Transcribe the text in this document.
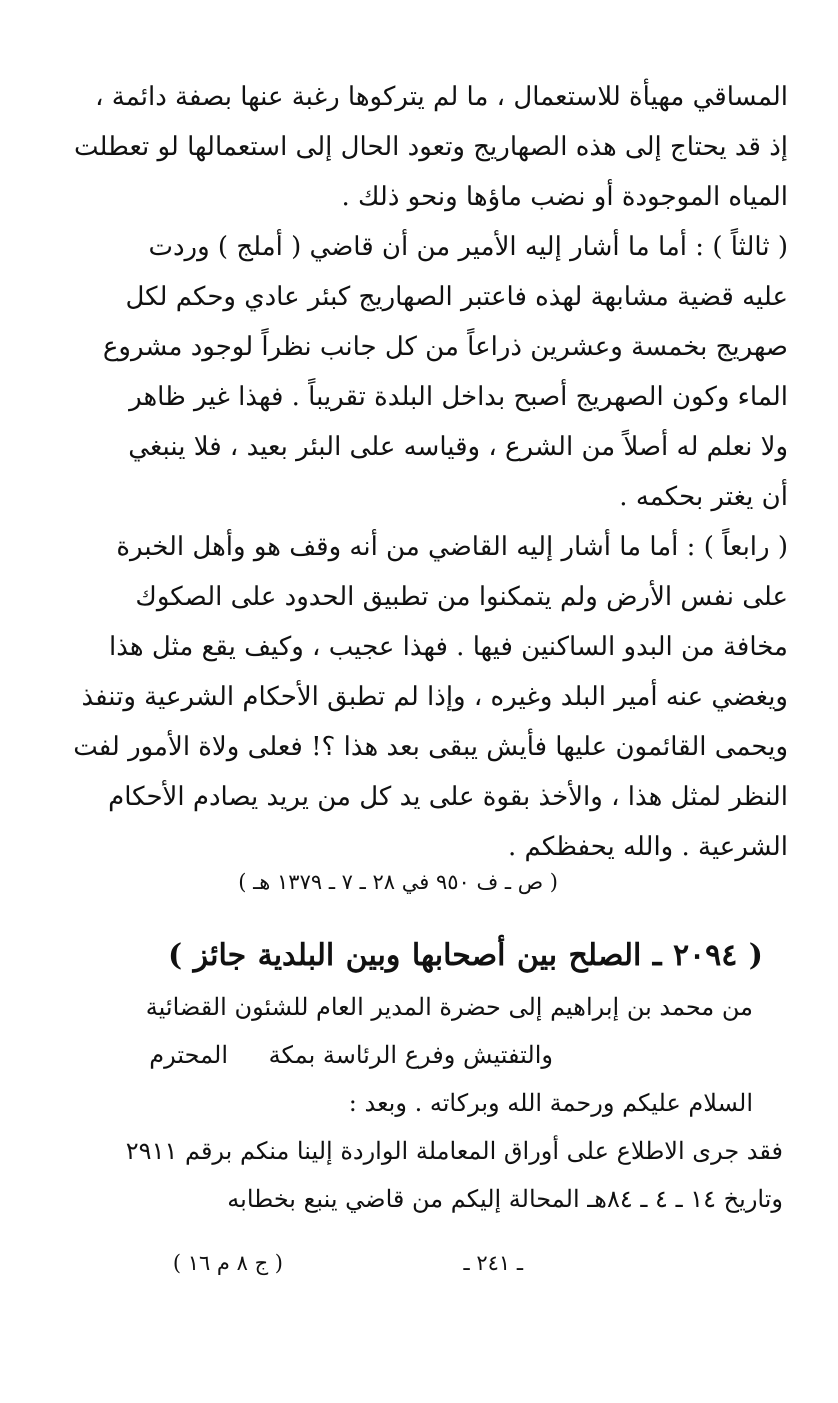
المساقي مهيأة للاستعمال ، ما لم يتركوها رغبة عنها بصفة دائمة ،
إذ قد يحتاج إلى هذه الصهاريج وتعود الحال إلى استعمالها لو تعطلت
المياه الموجودة أو نضب ماؤها ونحو ذلك .
( ثالثاً ) : أما ما أشار إليه الأمير من أن قاضي ( أملج ) وردت
عليه قضية مشابهة لهذه فاعتبر الصهاريج كبئر عادي وحكم لكل
صهريج بخمسة وعشرين ذراعاً من كل جانب نظراً لوجود مشروع
الماء وكون الصهريج أصبح بداخل البلدة تقريباً . فهذا غير ظاهر
ولا نعلم له أصلاً من الشرع ، وقياسه على البئر بعيد ، فلا ينبغي
أن يغتر بحكمه .
( رابعاً ) : أما ما أشار إليه القاضي من أنه وقف هو وأهل الخبرة
على نفس الأرض ولم يتمكنوا من تطبيق الحدود على الصكوك
مخافة من البدو الساكنين فيها . فهذا عجيب ، وكيف يقع مثل هذا
ويغضي عنه أمير البلد وغيره ، وإذا لم تطبق الأحكام الشرعية وتنفذ
ويحمى القائمون عليها فأيش يبقى بعد هذا ؟! فعلى ولاة الأمور لفت
النظر لمثل هذا ، والأخذ بقوة على يد كل من يريد يصادم الأحكام
الشرعية . والله يحفظكم .
( ص ـ ف ٩٥٠ في ٢٨ ـ ٧ ـ ١٣٧٩ هـ )
( ٢٠٩٤ ـ الصلح بين أصحابها وبين البلدية جائز )
من محمد بن إبراهيم إلى حضرة المدير العام للشئون القضائية
والتفتيش وفرع الرئاسة بمكة
المحترم
السلام عليكم ورحمة الله وبركاته . وبعد :
فقد جرى الاطلاع على أوراق المعاملة الواردة إلينا منكم برقم ٢٩١١
وتاريخ ١٤ ـ ٤ ـ ٨٤هـ المحالة إليكم من قاضي ينبع بخطابه
ـ ٢٤١ ـ
( ج ٨ م ١٦ )
